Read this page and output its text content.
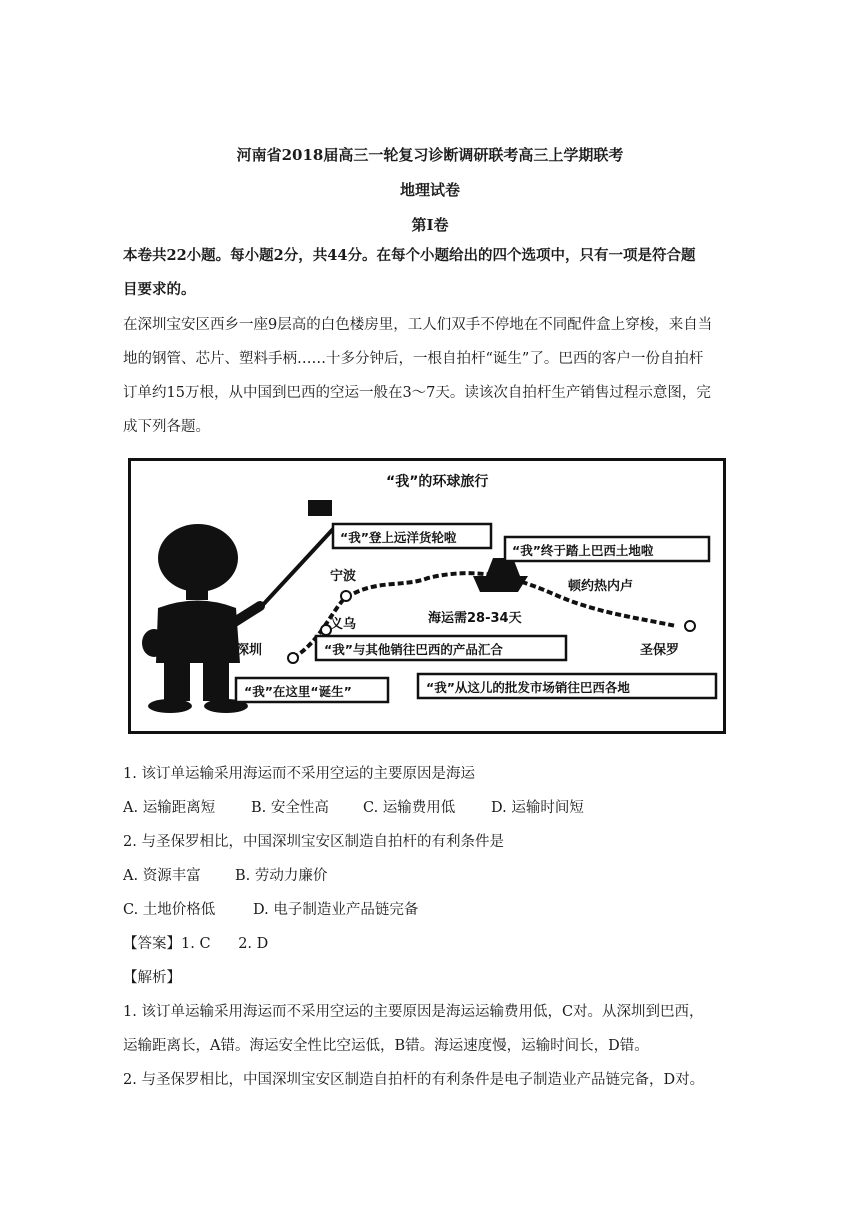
河南省2018届高三一轮复习诊断调研联考高三上学期联考
地理试卷
第Ⅰ卷
本卷共22小题。每小题2分，共44分。在每个小题给出的四个选项中，只有一项是符合题
目要求的。
在深圳宝安区西乡一座9层高的白色楼房里，工人们双手不停地在不同配件盒上穿梭，来自当
地的钢管、芯片、塑料手柄……十多分钟后，一根自拍杆“诞生”了。巴西的客户一份自拍杆
订单约15万根，从中国到巴西的空运一般在3～7天。读该次自拍杆生产销售过程示意图，完
成下列各题。
“我”的环球旅行
深圳
义乌
宁波
圣保罗
顿约热内卢
海运需28-34天
“我”登上远洋货轮啦
“我”终于踏上巴西土地啦
“我”与其他销往巴西的产品汇合
“我”在这里“诞生”	“我”从这儿的批发市场销往巴西各地
1. 该订单运输采用海运而不采用空运的主要原因是海运
A. 运输距离短 B. 安全性高 C. 运输费用低 D. 运输时间短
2. 与圣保罗相比，中国深圳宝安区制造自拍杆的有利条件是
A. 资源丰富 B. 劳动力廉价
C. 土地价格低	D. 电子制造业产品链完备
【答案】1. C      2. D
【解析】
1. 该订单运输采用海运而不采用空运的主要原因是海运运输费用低，C对。从深圳到巴西，
运输距离长，A错。海运安全性比空运低，B错。海运速度慢，运输时间长，D错。
2. 与圣保罗相比，中国深圳宝安区制造自拍杆的有利条件是电子制造业产品链完备，D对。
